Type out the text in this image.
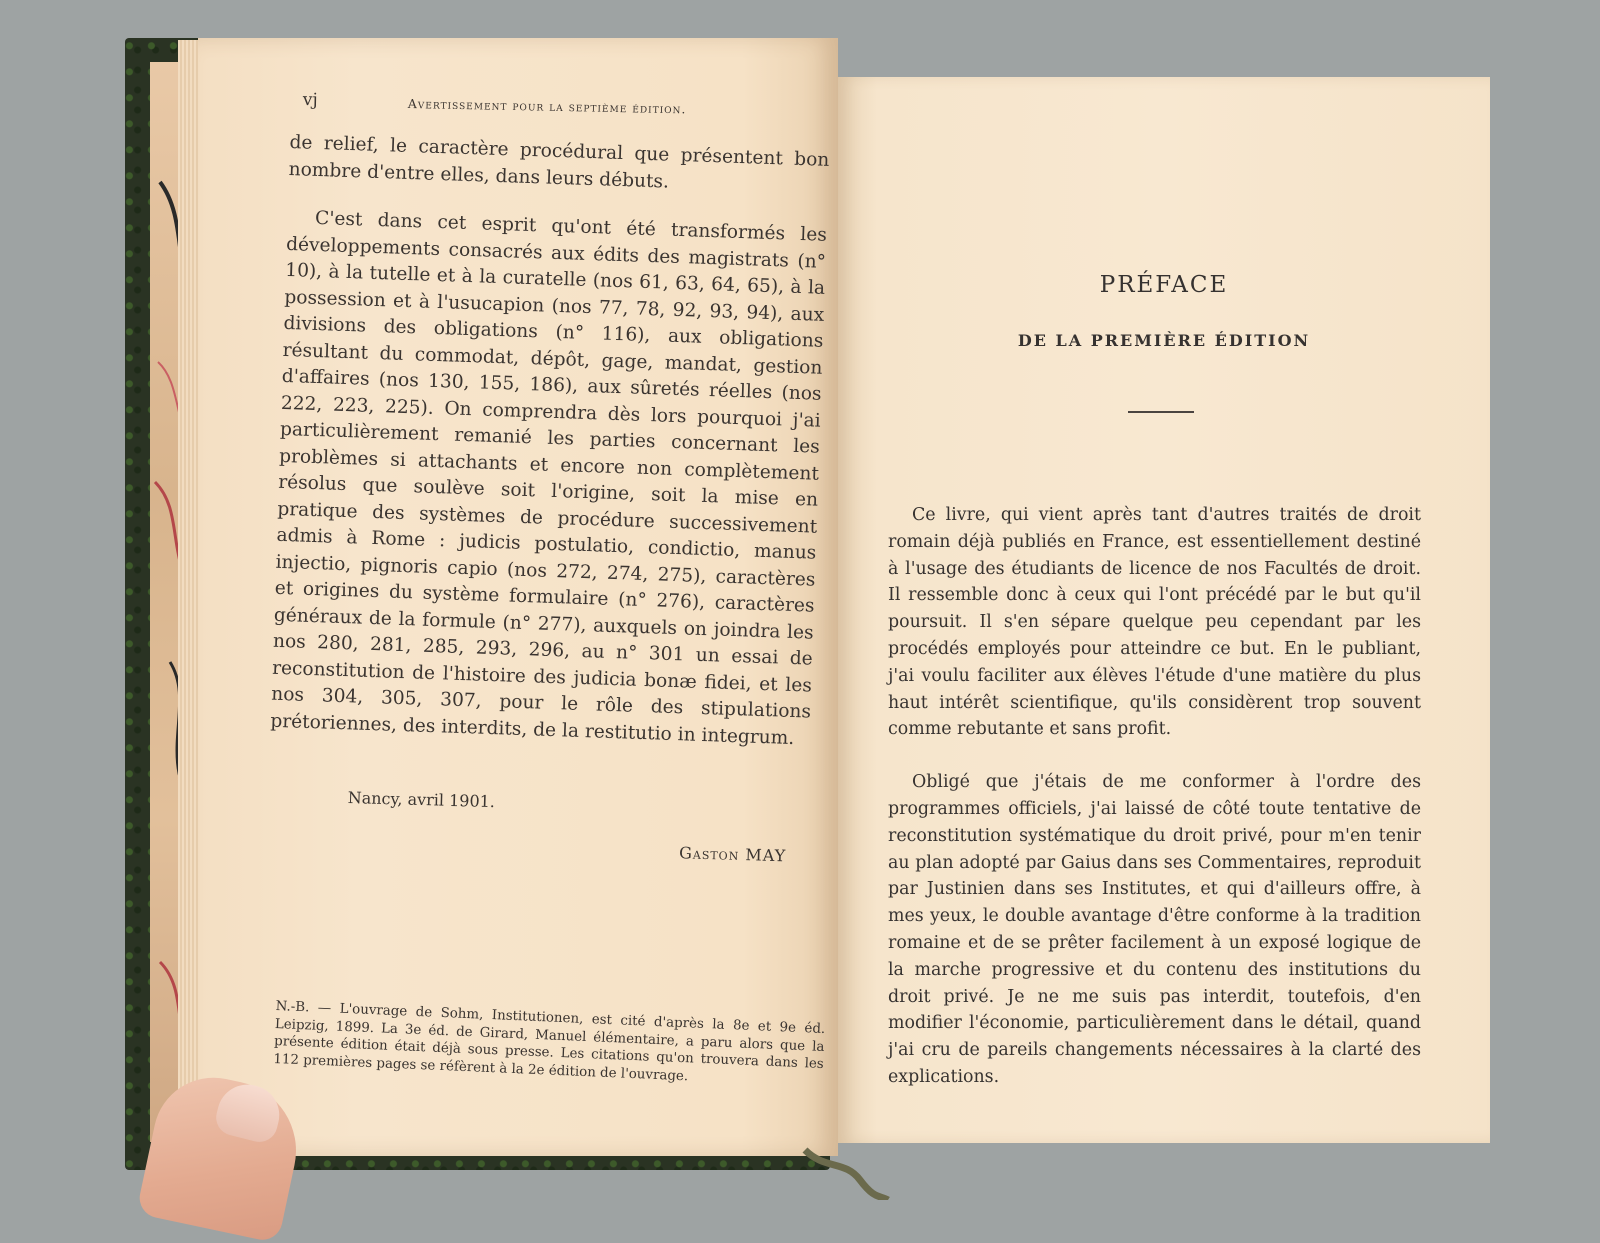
vj	Avertissement pour la septième édition.

de relief, le caractère procédural que présentent bon nombre d'entre elles, dans leurs débuts.

C'est dans cet esprit qu'ont été transformés les développements consacrés aux édits des magistrats (n° 10), à la tutelle et à la curatelle (nos 61, 63, 64, 65), à la possession et à l'usucapion (nos 77, 78, 92, 93, 94), aux divisions des obligations (n° 116), aux obligations résultant du commodat, dépôt, gage, mandat, gestion d'affaires (nos 130, 155, 186), aux sûretés réelles (nos 222, 223, 225). On comprendra dès lors pourquoi j'ai particulièrement remanié les parties concernant les problèmes si attachants et encore non complètement résolus que soulève soit l'origine, soit la mise en pratique des systèmes de procédure successivement admis à Rome : judicis postulatio, condictio, manus injectio, pignoris capio (nos 272, 274, 275), caractères et origines du système formulaire (n° 276), caractères généraux de la formule (n° 277), auxquels on joindra les nos 280, 281, 285, 293, 296, au n° 301 un essai de reconstitution de l'histoire des judicia bonæ fidei, et les nos 304, 305, 307, pour le rôle des stipulations prétoriennes, des interdits, de la restitutio in integrum.

Nancy, avril 1901.
Gaston MAY
N.-B. — L'ouvrage de Sohm, Institutionen, est cité d'après la 8e et 9e éd. Leipzig, 1899. La 3e éd. de Girard, Manuel élémentaire, a paru alors que la présente édition était déjà sous presse. Les citations qu'on trouvera dans les 112 premières pages se réfèrent à la 2e édition de l'ouvrage.
PRÉFACE
DE LA PREMIÈRE ÉDITION

Ce livre, qui vient après tant d'autres traités de droit romain déjà publiés en France, est essentiellement destiné à l'usage des étudiants de licence de nos Facultés de droit. Il ressemble donc à ceux qui l'ont précédé par le but qu'il poursuit. Il s'en sépare quelque peu cependant par les procédés employés pour atteindre ce but. En le publiant, j'ai voulu faciliter aux élèves l'étude d'une matière du plus haut intérêt scientifique, qu'ils considèrent trop souvent comme rebutante et sans profit.

Obligé que j'étais de me conformer à l'ordre des programmes officiels, j'ai laissé de côté toute tentative de reconstitution systématique du droit privé, pour m'en tenir au plan adopté par Gaius dans ses Commentaires, reproduit par Justinien dans ses Institutes, et qui d'ailleurs offre, à mes yeux, le double avantage d'être conforme à la tradition romaine et de se prêter facilement à un exposé logique de la marche progressive et du contenu des institutions du droit privé. Je ne me suis pas interdit, toutefois, d'en modifier l'économie, particulièrement dans le détail, quand j'ai cru de pareils changements nécessaires à la clarté des explications.
